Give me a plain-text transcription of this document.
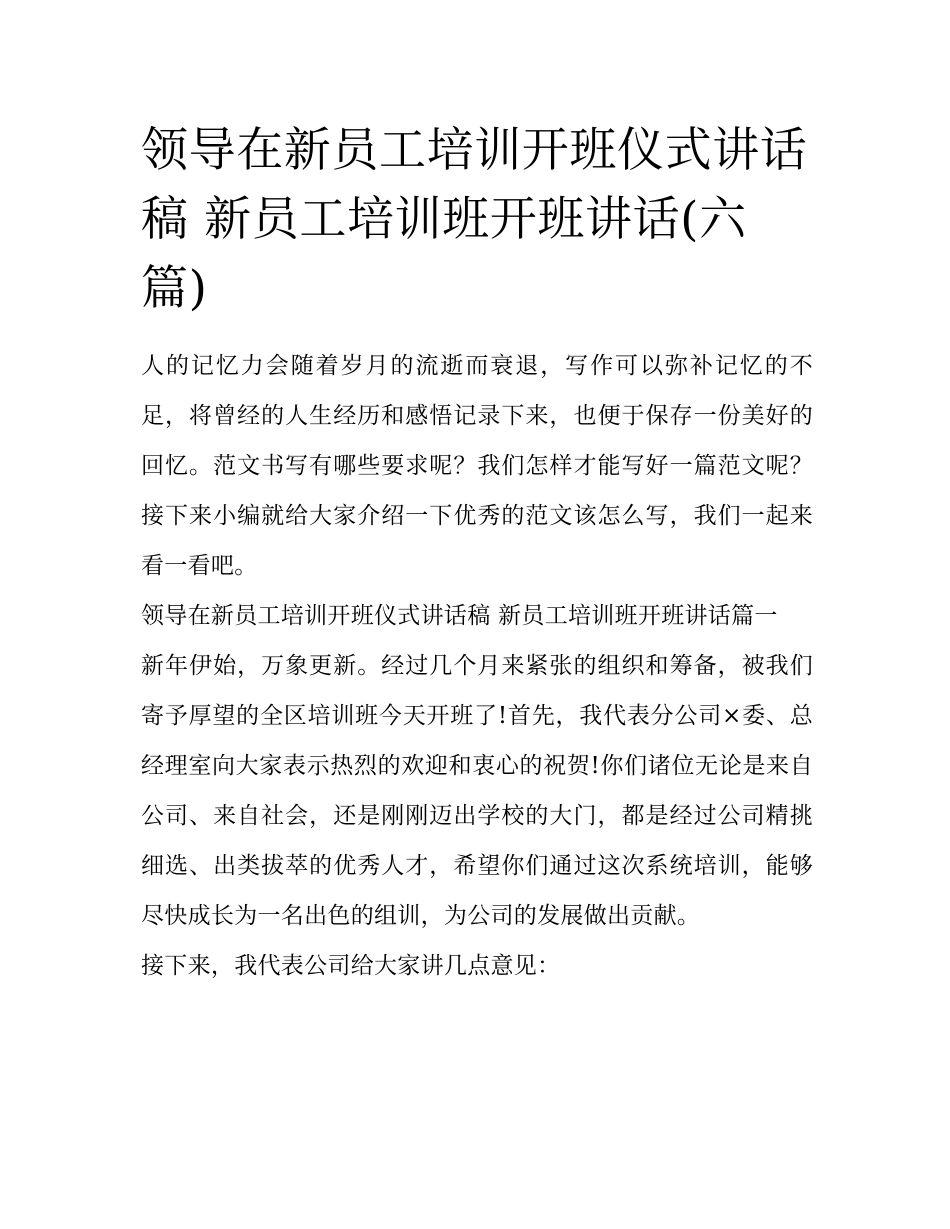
领导在新员工培训开班仪式讲话稿 新员工培训班开班讲话(六篇)

人的记忆力会随着岁月的流逝而衰退，写作可以弥补记忆的不足，将曾经的人生经历和感悟记录下来，也便于保存一份美好的回忆。范文书写有哪些要求呢？我们怎样才能写好一篇范文呢？接下来小编就给大家介绍一下优秀的范文该怎么写，我们一起来看一看吧。

领导在新员工培训开班仪式讲话稿 新员工培训班开班讲话篇一

新年伊始，万象更新。经过几个月来紧张的组织和筹备，被我们寄予厚望的全区培训班今天开班了!首先，我代表分公司×委、总经理室向大家表示热烈的欢迎和衷心的祝贺!你们诸位无论是来自公司、来自社会，还是刚刚迈出学校的大门，都是经过公司精挑细选、出类拔萃的优秀人才，希望你们通过这次系统培训，能够尽快成长为一名出色的组训，为公司的发展做出贡献。

接下来，我代表公司给大家讲几点意见：
